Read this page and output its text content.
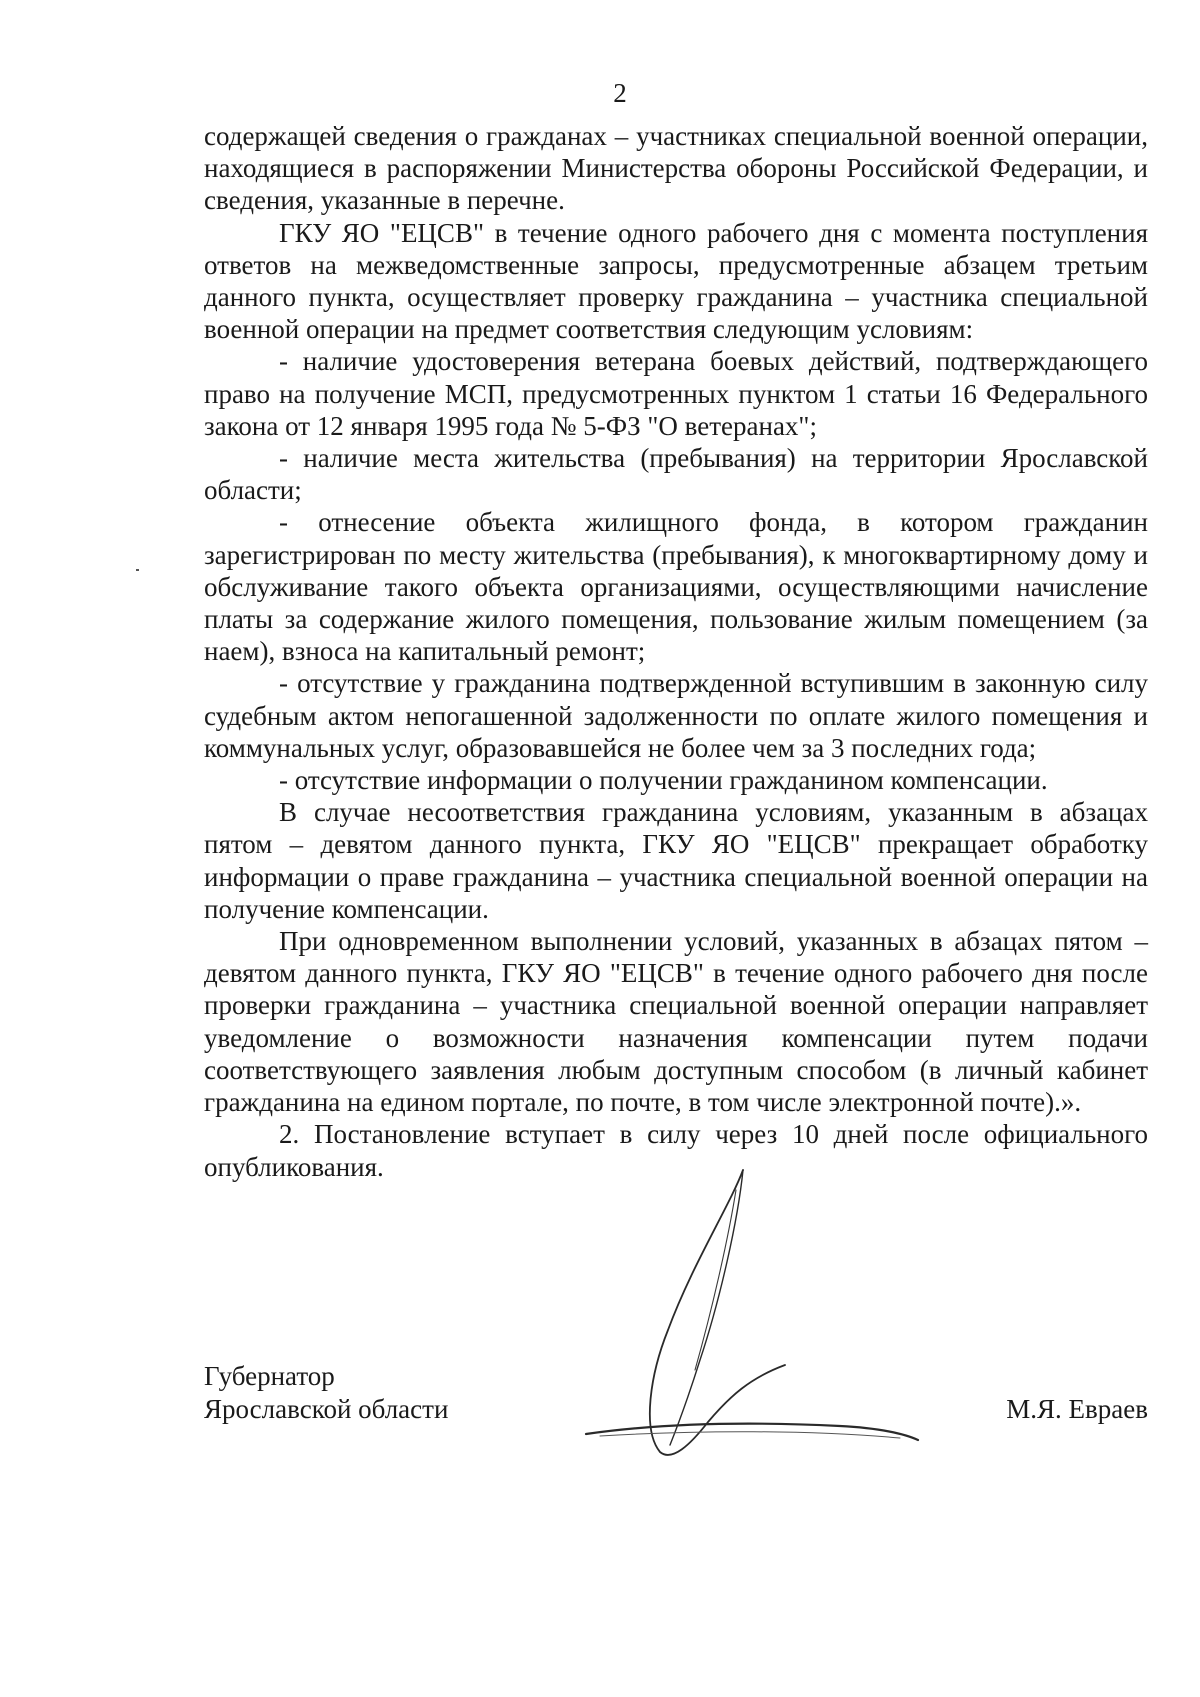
2

содержащей сведения о гражданах – участниках специальной военной операции, находящиеся в распоряжении Министерства обороны Российской Федерации, и сведения, указанные в перечне.

ГКУ ЯО "ЕЦСВ" в течение одного рабочего дня с момента поступления ответов на межведомственные запросы, предусмотренные абзацем третьим данного пункта, осуществляет проверку гражданина – участника специальной военной операции на предмет соответствия следующим условиям:

- наличие удостоверения ветерана боевых действий, подтверждающего право на получение МСП, предусмотренных пунктом 1 статьи 16 Федерального закона от 12 января 1995 года № 5-ФЗ "О ветеранах";

- наличие места жительства (пребывания) на территории Ярославской области;

- отнесение объекта жилищного фонда, в котором гражданин зарегистрирован по месту жительства (пребывания), к многоквартирному дому и обслуживание такого объекта организациями, осуществляющими начисление платы за содержание жилого помещения, пользование жилым помещением (за наем), взноса на капитальный ремонт;

- отсутствие у гражданина подтвержденной вступившим в законную силу судебным актом непогашенной задолженности по оплате жилого помещения и коммунальных услуг, образовавшейся не более чем за 3 последних года;

- отсутствие информации о получении гражданином компенсации.

В случае несоответствия гражданина условиям, указанным в абзацах пятом – девятом данного пункта, ГКУ ЯО "ЕЦСВ" прекращает обработку информации о праве гражданина – участника специальной военной операции на получение компенсации.

При одновременном выполнении условий, указанных в абзацах пятом – девятом данного пункта, ГКУ ЯО "ЕЦСВ" в течение одного рабочего дня после проверки гражданина – участника специальной военной операции направляет уведомление о возможности назначения компенсации путем подачи соответствующего заявления любым доступным способом (в личный кабинет гражданина на едином портале, по почте, в том числе электронной почте).».

2. Постановление вступает в силу через 10 дней после официального опубликования.

Губернатор
Ярославской области	М.Я. Евраев
